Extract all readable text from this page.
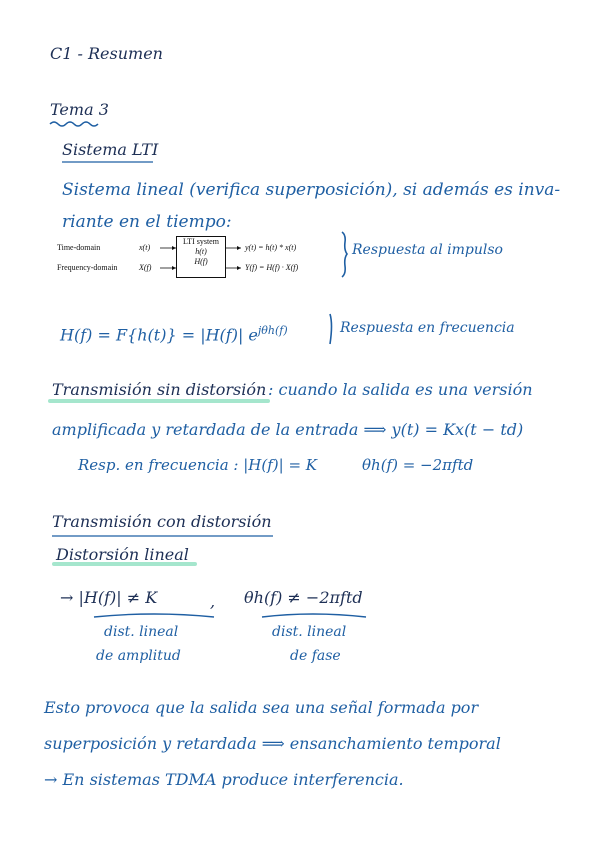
C1 - Resumen
Tema 3
Sistema LTI
Sistema lineal (verifica superposición), si además es inva-
riante en el tiempo:
Time-domain
Frequency-domain
x(t)
X(f)
LTI system
h(t)
H(f)
y(t) = h(t) * x(t)
Y(f) = H(f) · X(f)
Respuesta al impulso
H(f) = F{h(t)} = |H(f)| $e^{j\theta h(f)}$	Respuesta en frecuencia
Transmisión sin distorsión : cuando la salida es una versión
amplificada y retardada de la entrada ⟹ y(t) = Kx(t − td)
Resp. en frecuencia : |H(f)| = K	θh(f) = −2πftd
Transmisión con distorsión
Distorsión lineal
→ |H(f)| ≠ K	, θh(f) ≠ −2πftd
dist. lineal
de amplitud
dist. lineal
de fase
Esto provoca que la salida sea una señal formada por
superposición y retardada ⟹ ensanchamiento temporal
→ En sistemas TDMA produce interferencia.
